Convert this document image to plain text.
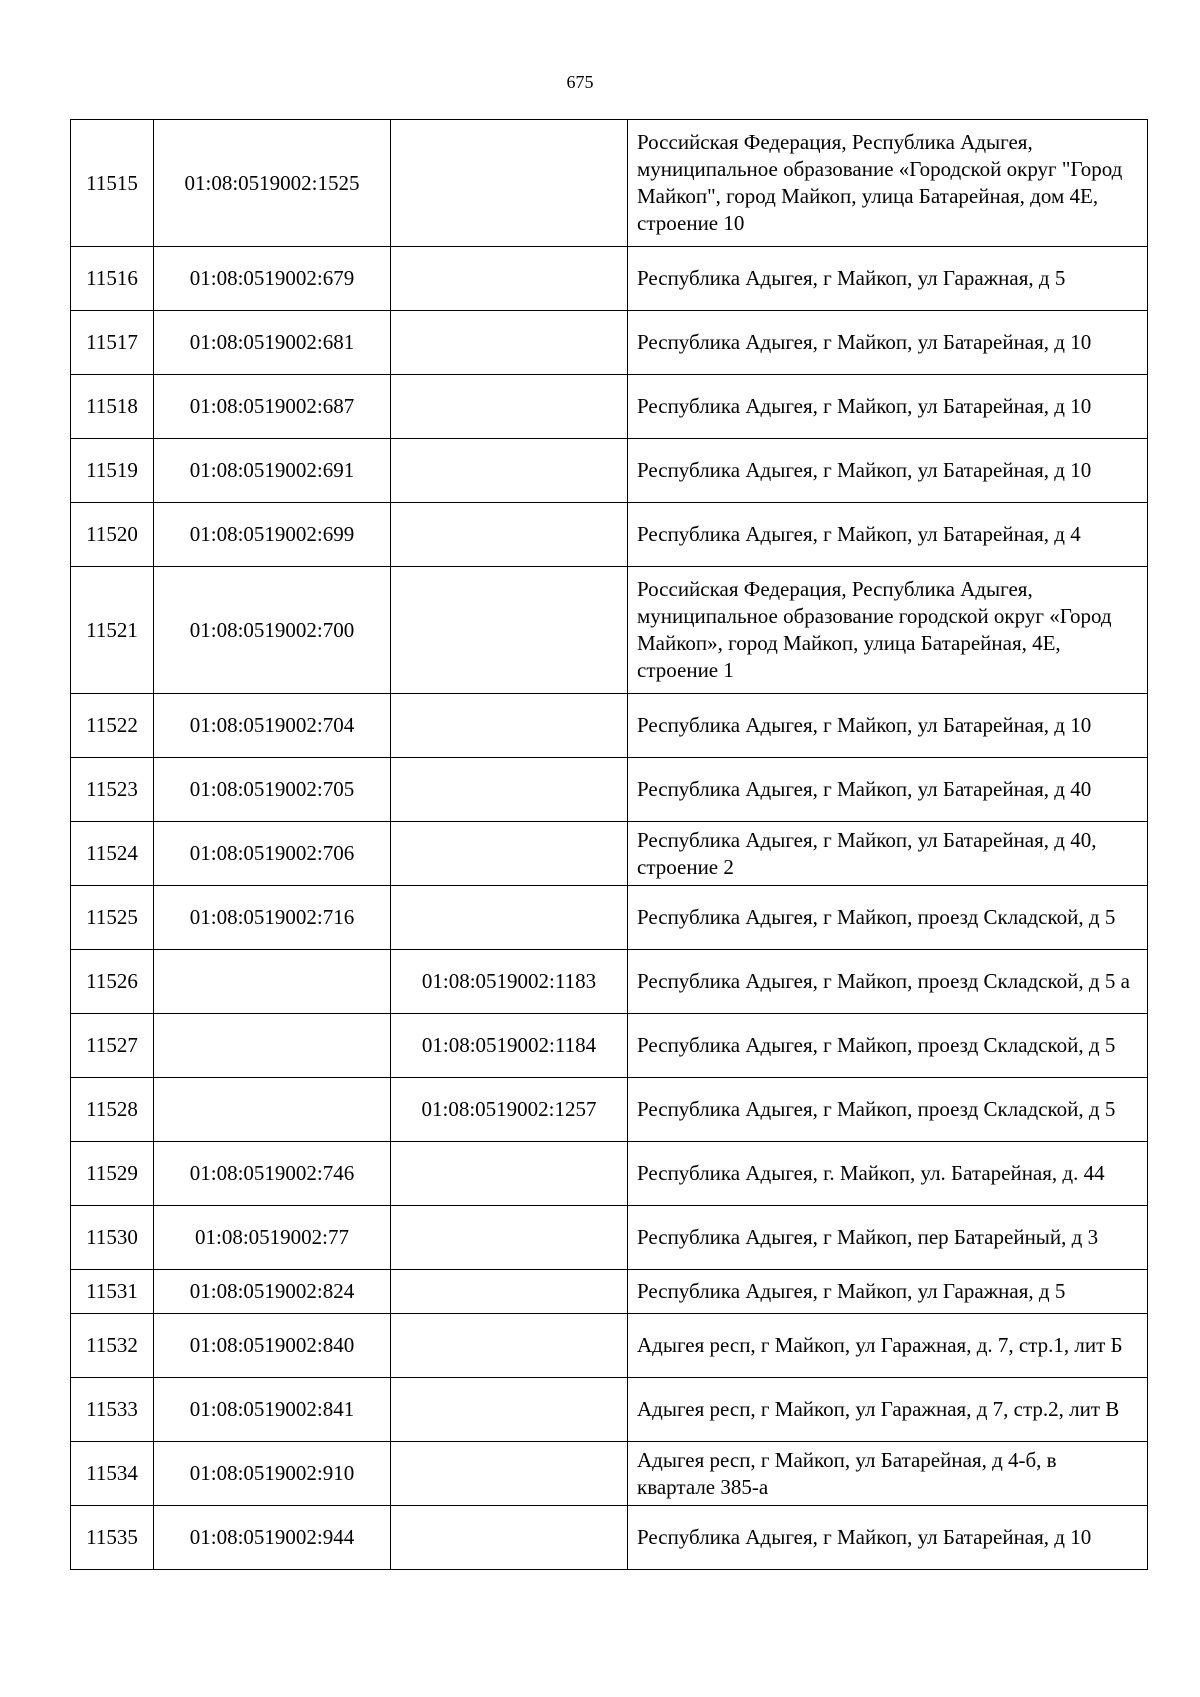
675
11515	01:08:0519002:1525		Российская Федерация, Республика Адыгея, муниципальное образование «Городской округ "Город Майкоп", город Майкоп, улица Батарейная, дом 4Е, строение 10
11516	01:08:0519002:679		Республика Адыгея, г Майкоп, ул Гаражная, д 5
11517	01:08:0519002:681		Республика Адыгея, г Майкоп, ул Батарейная, д 10
11518	01:08:0519002:687		Республика Адыгея, г Майкоп, ул Батарейная, д 10
11519	01:08:0519002:691		Республика Адыгея, г Майкоп, ул Батарейная, д 10
11520	01:08:0519002:699		Республика Адыгея, г Майкоп, ул Батарейная, д 4
11521	01:08:0519002:700		Российская Федерация, Республика Адыгея, муниципальное образование городской округ «Город Майкоп», город Майкоп, улица Батарейная, 4Е, строение 1
11522	01:08:0519002:704		Республика Адыгея, г Майкоп, ул Батарейная, д 10
11523	01:08:0519002:705		Республика Адыгея, г Майкоп, ул Батарейная, д 40
11524	01:08:0519002:706		Республика Адыгея, г Майкоп, ул Батарейная, д 40, строение 2
11525	01:08:0519002:716		Республика Адыгея, г Майкоп, проезд Складской, д 5
11526		01:08:0519002:1183	Республика Адыгея, г Майкоп, проезд Складской, д 5 а
11527		01:08:0519002:1184	Республика Адыгея, г Майкоп, проезд Складской, д 5
11528		01:08:0519002:1257	Республика Адыгея, г Майкоп, проезд Складской, д 5
11529	01:08:0519002:746		Республика Адыгея, г. Майкоп, ул. Батарейная, д. 44
11530	01:08:0519002:77		Республика Адыгея, г Майкоп, пер Батарейный, д 3
11531	01:08:0519002:824		Республика Адыгея, г Майкоп, ул Гаражная, д 5
11532	01:08:0519002:840		Адыгея респ, г Майкоп, ул Гаражная, д. 7, стр.1, лит Б
11533	01:08:0519002:841		Адыгея респ, г Майкоп, ул Гаражная, д 7, стр.2, лит В
11534	01:08:0519002:910		Адыгея респ, г Майкоп, ул Батарейная, д 4-б, в квартале 385-а
11535	01:08:0519002:944		Республика Адыгея, г Майкоп, ул Батарейная, д 10
